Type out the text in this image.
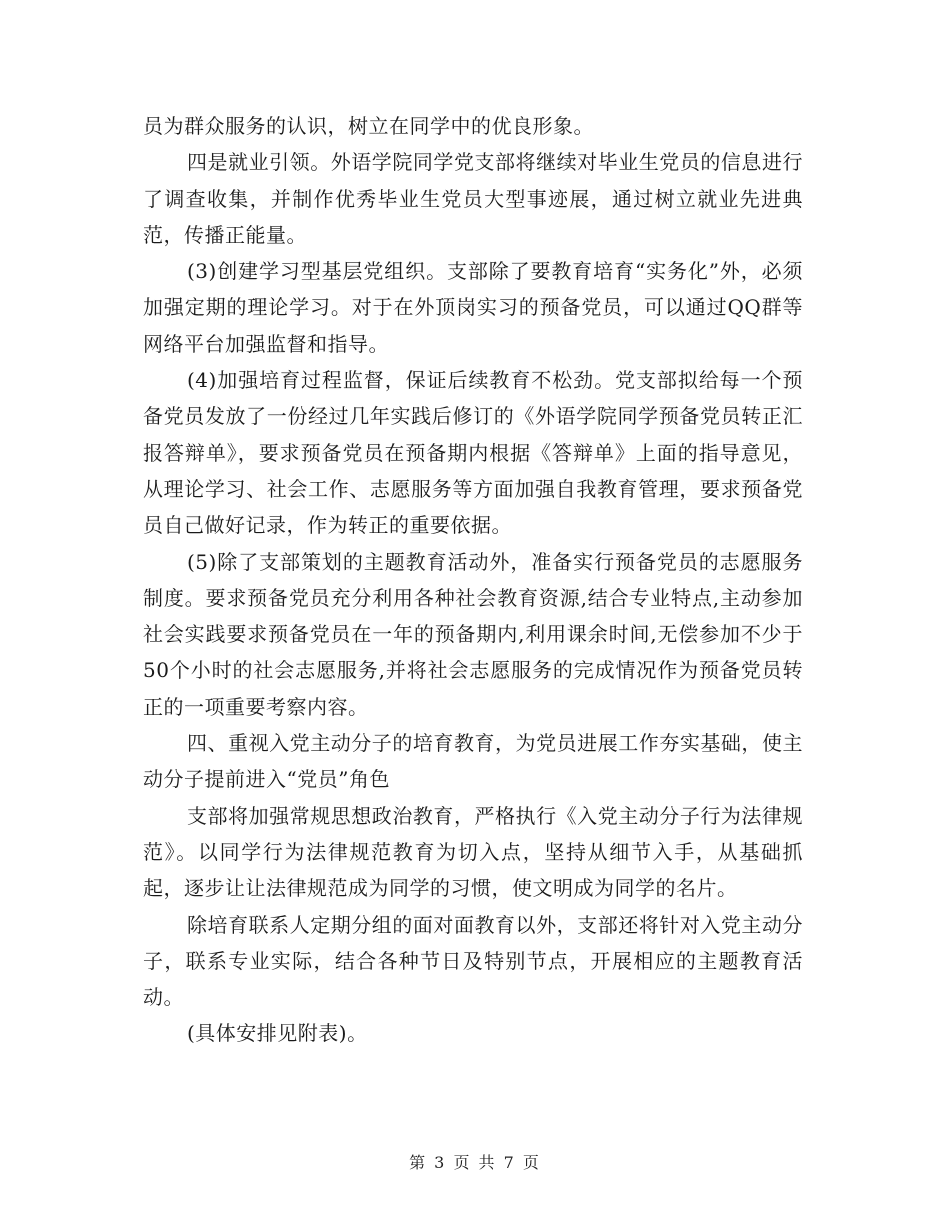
员为群众服务的认识，树立在同学中的优良形象。

四是就业引领。外语学院同学党支部将继续对毕业生党员的信息进行了调查收集，并制作优秀毕业生党员大型事迹展，通过树立就业先进典范，传播正能量。

(3)创建学习型基层党组织。支部除了要教育培育“实务化”外，必须加强定期的理论学习。对于在外顶岗实习的预备党员，可以通过QQ群等网络平台加强监督和指导。

(4)加强培育过程监督，保证后续教育不松劲。党支部拟给每一个预备党员发放了一份经过几年实践后修订的《外语学院同学预备党员转正汇报答辩单》，要求预备党员在预备期内根据《答辩单》上面的指导意见，从理论学习、社会工作、志愿服务等方面加强自我教育管理，要求预备党员自己做好记录，作为转正的重要依据。

(5)除了支部策划的主题教育活动外，准备实行预备党员的志愿服务制度。要求预备党员充分利用各种社会教育资源,结合专业特点,主动参加社会实践要求预备党员在一年的预备期内,利用课余时间,无偿参加不少于50个小时的社会志愿服务,并将社会志愿服务的完成情况作为预备党员转正的一项重要考察内容。

四、重视入党主动分子的培育教育，为党员进展工作夯实基础，使主动分子提前进入“党员”角色

支部将加强常规思想政治教育，严格执行《入党主动分子行为法律规范》。以同学行为法律规范教育为切入点，坚持从细节入手，从基础抓起，逐步让让法律规范成为同学的习惯，使文明成为同学的名片。

除培育联系人定期分组的面对面教育以外，支部还将针对入党主动分子，联系专业实际，结合各种节日及特别节点，开展相应的主题教育活动。

(具体安排见附表)。

第 3 页 共 7 页
